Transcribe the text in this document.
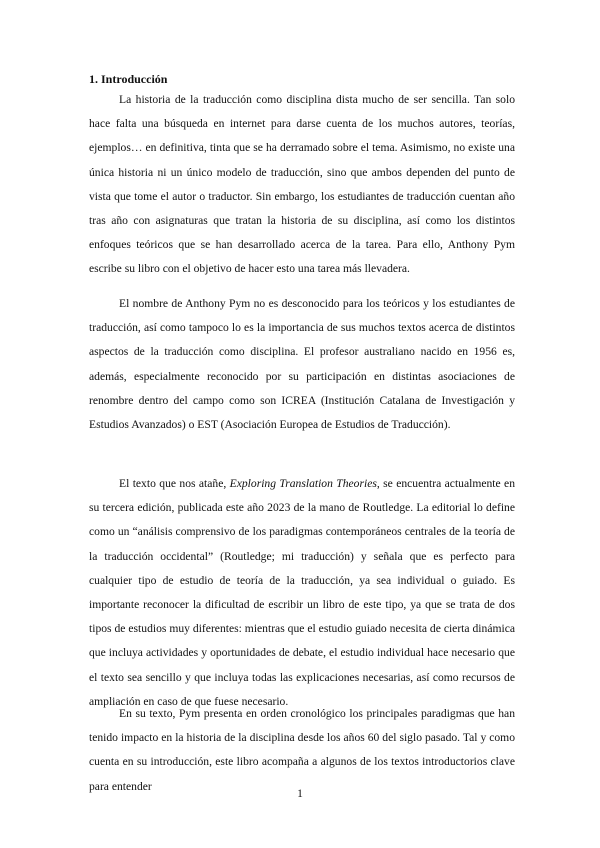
1. Introducción

La historia de la traducción como disciplina dista mucho de ser sencilla. Tan solo hace falta una búsqueda en internet para darse cuenta de los muchos autores, teorías, ejemplos… en definitiva, tinta que se ha derramado sobre el tema. Asimismo, no existe una única historia ni un único modelo de traducción, sino que ambos dependen del punto de vista que tome el autor o traductor. Sin embargo, los estudiantes de traducción cuentan año tras año con asignaturas que tratan la historia de su disciplina, así como los distintos enfoques teóricos que se han desarrollado acerca de la tarea. Para ello, Anthony Pym escribe su libro con el objetivo de hacer esto una tarea más llevadera.

El nombre de Anthony Pym no es desconocido para los teóricos y los estudiantes de traducción, así como tampoco lo es la importancia de sus muchos textos acerca de distintos aspectos de la traducción como disciplina. El profesor australiano nacido en 1956 es, además, especialmente reconocido por su participación en distintas asociaciones de renombre dentro del campo como son ICREA (Institución Catalana de Investigación y Estudios Avanzados) o EST (Asociación Europea de Estudios de Traducción).

El texto que nos atañe, Exploring Translation Theories, se encuentra actualmente en su tercera edición, publicada este año 2023 de la mano de Routledge. La editorial lo define como un “análisis comprensivo de los paradigmas contemporáneos centrales de la teoría de la traducción occidental” (Routledge; mi traducción) y señala que es perfecto para cualquier tipo de estudio de teoría de la traducción, ya sea individual o guiado. Es importante reconocer la dificultad de escribir un libro de este tipo, ya que se trata de dos tipos de estudios muy diferentes: mientras que el estudio guiado necesita de cierta dinámica que incluya actividades y oportunidades de debate, el estudio individual hace necesario que el texto sea sencillo y que incluya todas las explicaciones necesarias, así como recursos de ampliación en caso de que fuese necesario.

En su texto, Pym presenta en orden cronológico los principales paradigmas que han tenido impacto en la historia de la disciplina desde los años 60 del siglo pasado. Tal y como cuenta en su introducción, este libro acompaña a algunos de los textos introductorios clave para entender

1
